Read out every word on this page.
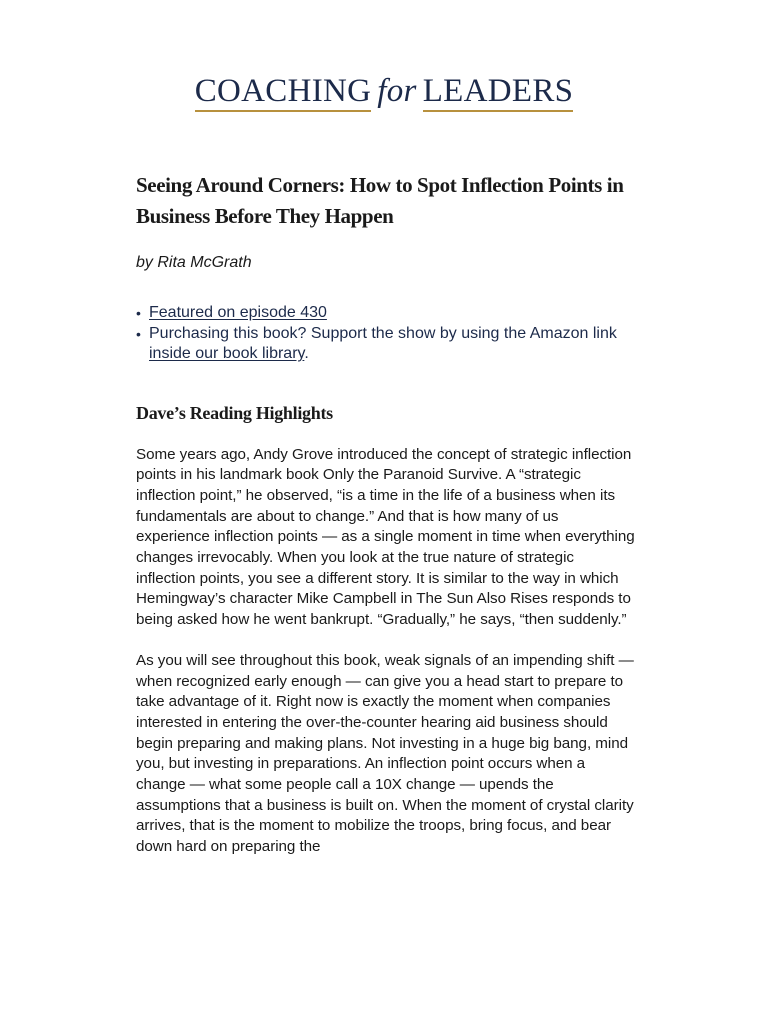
COACHING for LEADERS
Seeing Around Corners: How to Spot Inflection Points in Business Before They Happen
by Rita McGrath
• Featured on episode 430
• Purchasing this book? Support the show by using the Amazon link inside our book library.
Dave’s Reading Highlights

Some years ago, Andy Grove introduced the concept of strategic inflection points in his landmark book Only the Paranoid Survive. A “strategic inflection point,” he observed, “is a time in the life of a business when its fundamentals are about to change.” And that is how many of us experience inflection points — as a single moment in time when everything changes irrevocably. When you look at the true nature of strategic inflection points, you see a different story. It is similar to the way in which Hemingway’s character Mike Campbell in The Sun Also Rises responds to being asked how he went bankrupt. “Gradually,” he says, “then suddenly.”

As you will see throughout this book, weak signals of an impending shift — when recognized early enough — can give you a head start to prepare to take advantage of it. Right now is exactly the moment when companies interested in entering the over-the-counter hearing aid business should begin preparing and making plans. Not investing in a huge big bang, mind you, but investing in preparations. An inflection point occurs when a change — what some people call a 10X change — upends the assumptions that a business is built on. When the moment of crystal clarity arrives, that is the moment to mobilize the troops, bring focus, and bear down hard on preparing the
